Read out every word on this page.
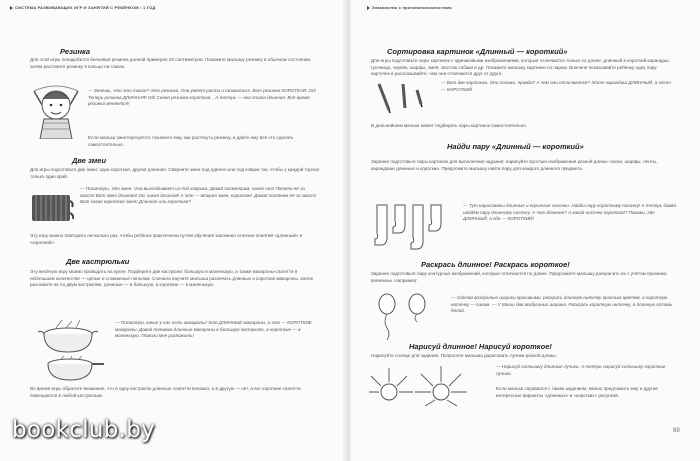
СИСТЕМА РАЗВИВАЮЩИХ ИГР И ЗАНЯТИЙ С РЕБЁНКОМ • 1 ГОД
Резинка
Для этой игры понадобится бельевая резинка длиной примерно 20 сантиметров. Покажите малышу резинку в обычном состоянии, затем растяните резинку в кольцо на глазах.
— Знаешь, что это такое? Это резинка. Она умеет расти и сжиматься. Вот резинка КОРОТКАЯ. Ой! Теперь резинка ДЛИННАЯ! Ой! Снова резинка короткая... А теперь — она стала длинная. Всё время резинка меняется!
Если малыш заинтересуется, покажите ему, как растянуть резинку, и дайте ему всё это сделать самостоятельно.
Две змеи
Для игры подготовьте две змеи: одна короткая, другая длинная. Сверните змеи под одеяло или под коврик так, чтобы у каждой торчал только один край.
— Посмотри, это змея. Она выглядывает из-под коврика. Давай посмотрим, какая она! Потяни её за хвост! Вот змея длинная! Ой, какая длинная! А это — вторая змея, короткая. Давай потянем её за хвост! Вот какая короткая змея! Длинная или короткая?
Эту игру можно повторить несколько раз, чтобы ребёнок практически путём обучения запомнил отличие понятий «длинный» и «короткий».
Две кастрюльки
Эту весёлую игру можно проводить на кухне. Подберите две кастрюли: большую и маленькую, а также макароны-спагетти в небольшом количестве — целые и сломанные пополам. Сначала научите малыша различать длинные и короткие макароны, затем разложите их по двум кастрюлям: длинные — в большую, а короткие — в маленькую.
— Посмотри, какие у нас есть макароны! Это ДЛИННЫЕ макароны, а это — КОРОТКИЕ макароны. Давай положим длинные макароны в большую кастрюлю, а короткие — в маленькую. Помоги мне разложить!
Во время игры обратите внимание, что в одну кастрюлю длинные спагетти влезают, а в другую — нет, а вот короткие спагетти помещаются в любой кастрюльке.
Знакомство с противоположностями
Сортировка картинок «Длинный — короткий»
Для игры подготовьте пары картинок с одинаковыми изображениями, которые отличаются только по длине: длинный и короткий карандаш, гусеница, червяк, шарфы, змея, хвостик собаки и др. Покажите малышу картинки по парам. Вначале показывайте ребёнку одну пару карточек и рассказывайте, чем они отличаются друг от друга.
— Вот две картинки. Они похожи, правда? А чем они отличаются? Этот карандаш ДЛИННЫЙ, а этот — КОРОТКИЙ.
В дальнейшем малыш может подбирать пары картинок самостоятельно.
Найди пару «Длинный — короткий»
Заранее подготовьте пары картинок для выполнения задания: нарисуйте простые изображения разной длины: носки, шарфы, ленты, карандаши длинные и короткие. Предложите малышу найти пару для каждого длинного предмета.
— Тут нарисованы длинные и короткие носочки. Найди пару короткому носочку! А теперь давай найдём пару длинному носочку. А что длинное? А какой носочек короткий? Покажи, где ДЛИННЫЙ, а где — КОРОТКИЙ!
Раскрась длинное! Раскрась короткое!
Заранее подготовьте пару контурных изображений, которые отличаются по длине. Предложите малышу раскрасить их с учётом признака величины. Например:
— Сделай воздушные шарики красивыми: раскрась длинную ниточку красным цветом, а короткую ниточку — синим. — У Миши два воздушных шарика. Раскрась короткую ниточку, а длинную оставь белой.
Нарисуй длинное! Нарисуй короткое!
Нарисуйте солнце для задания. Попросите малыша дорисовать лучики разной длины.
— Нарисуй солнышку длинные лучики. А теперь нарисуй солнышку короткие лучики.
Если малыш справился с таким заданием, можно предложить ему и другие интересные варианты «длинных» и «коротких» рисунков.
69
bookclub.by
